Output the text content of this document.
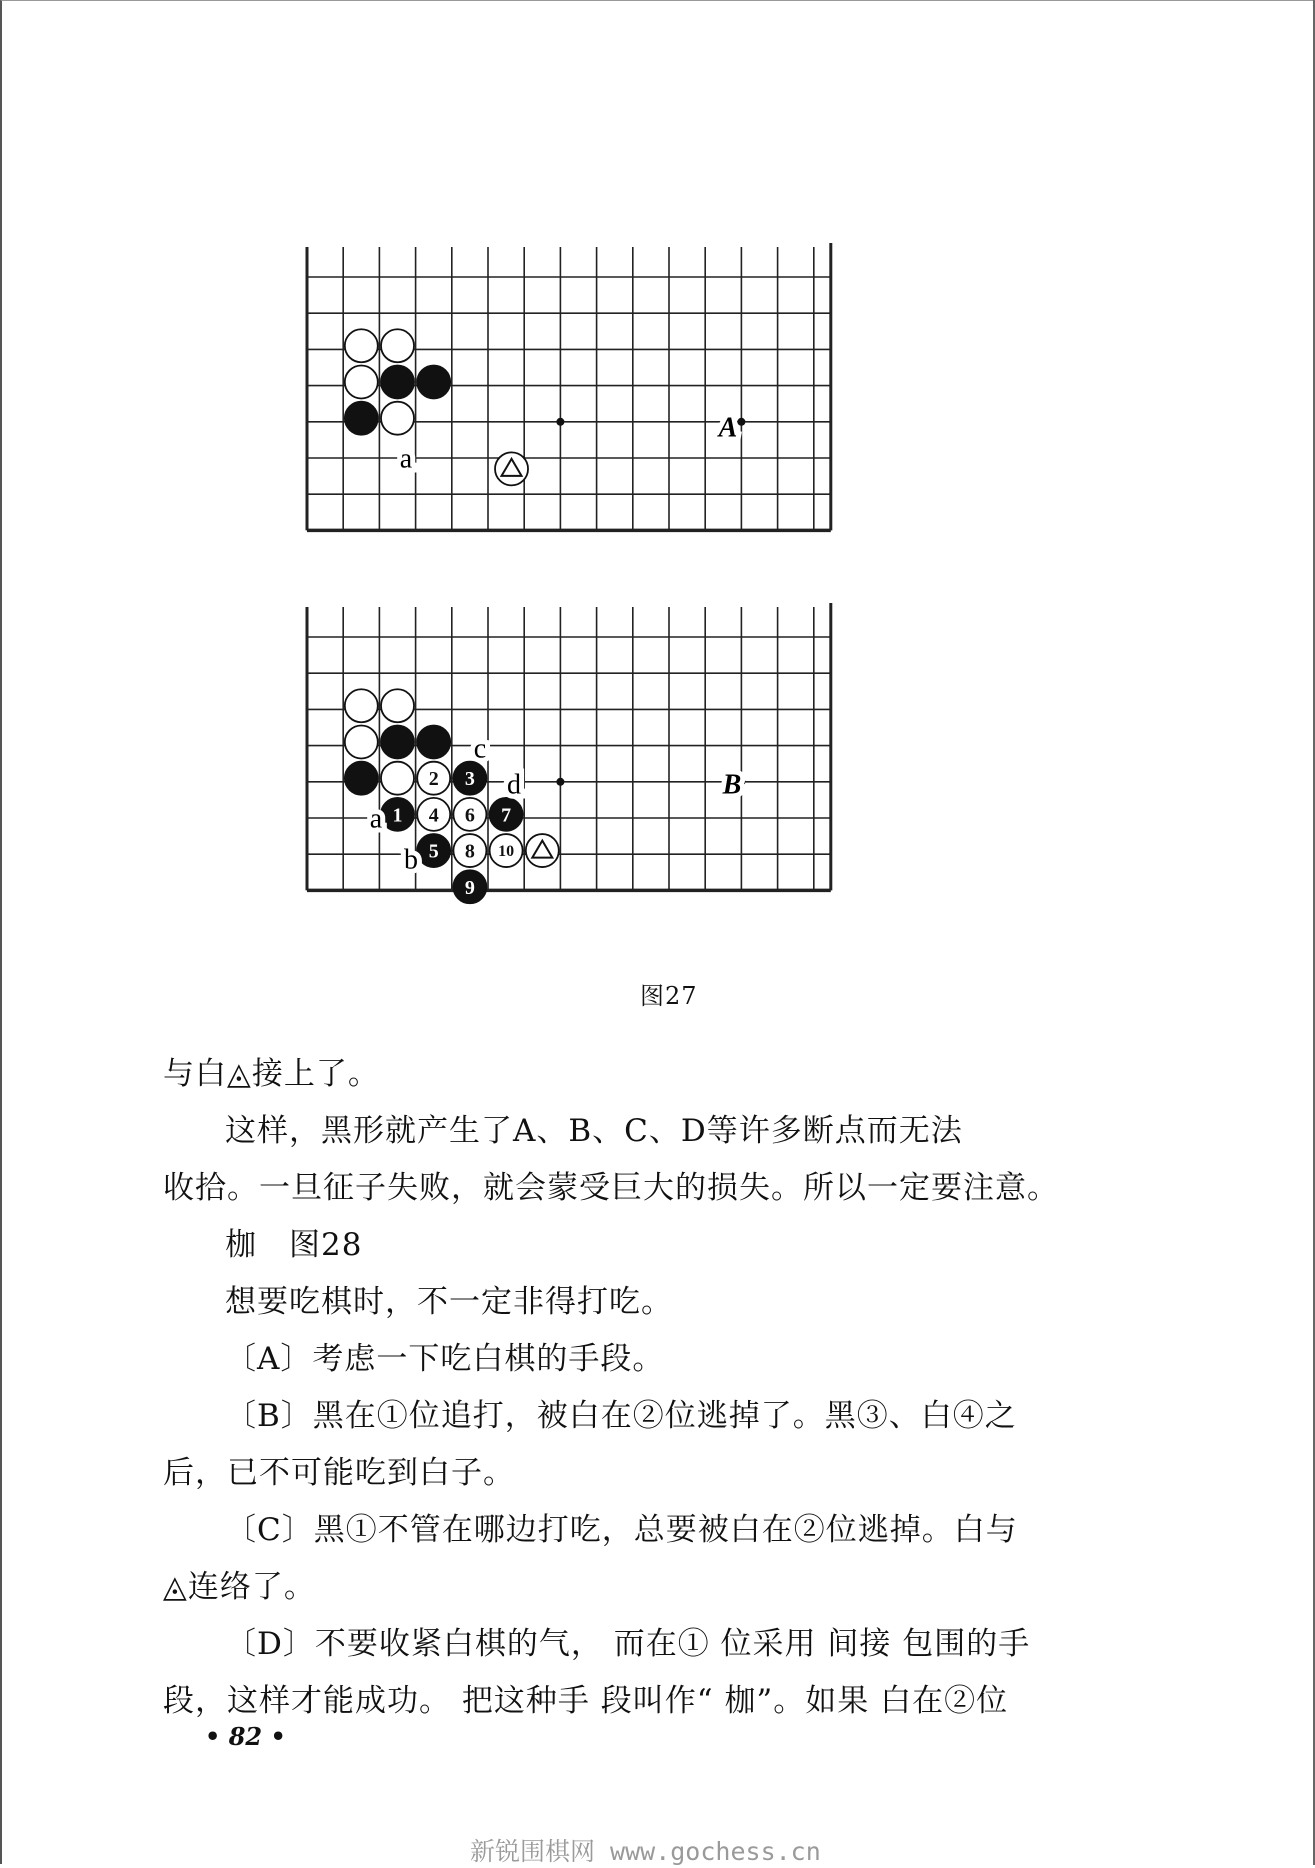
A
a
2 3
1 4 6 7
5 8 10
9
B
a
b
c
d
图27

与白◬接上了。

这样，黑形就产生了A、B、C、D等许多断点而无法

收拾。一旦征子失败，就会蒙受巨大的损失。所以一定要注意。

枷　图28

想要吃棋时，不一定非得打吃。

〔A〕考虑一下吃白棋的手段。

〔B〕黑在①位追打，被白在②位逃掉了。黑③、白④之

后，已不可能吃到白子。

〔C〕黑①不管在哪边打吃，总要被白在②位逃掉。白与

◬连络了。

〔D〕不要收紧白棋的气， 而在① 位采用 间接 包围的手

段，这样才能成功。 把这种手 段叫作“ 枷”。如果 白在②位

• 82 •
新锐围棋网 www.gochess.cn
